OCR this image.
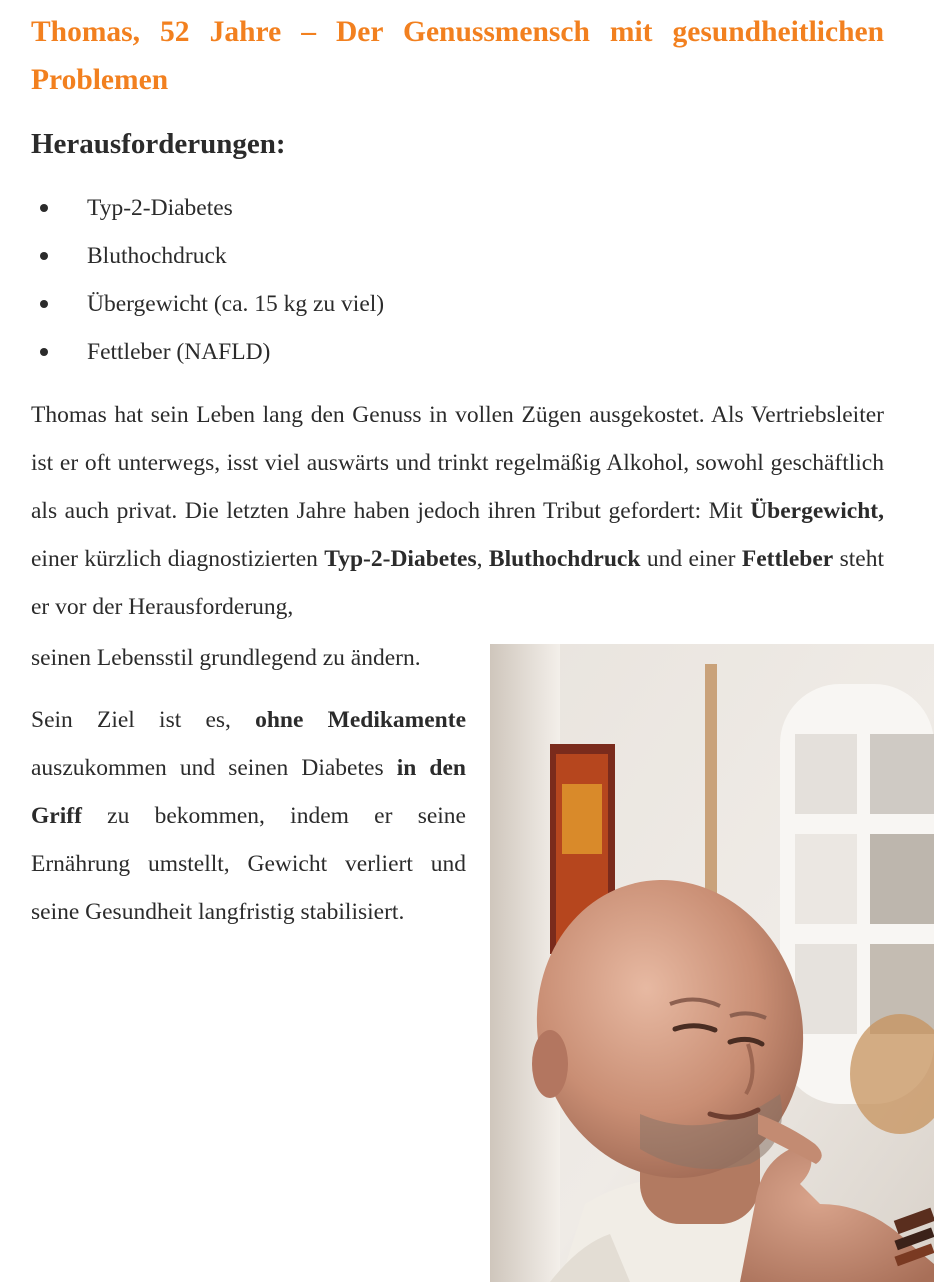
Thomas, 52 Jahre – Der Genussmensch mit gesundheitlichen Problemen
Herausforderungen:
Typ-2-Diabetes
Bluthochdruck
Übergewicht (ca. 15 kg zu viel)
Fettleber (NAFLD)

Thomas hat sein Leben lang den Genuss in vollen Zügen ausgekostet. Als Vertriebsleiter ist er oft unterwegs, isst viel auswärts und trinkt regelmäßig Alkohol, sowohl geschäftlich als auch privat. Die letzten Jahre haben jedoch ihren Tribut gefordert: Mit Übergewicht, einer kürzlich diagnostizierten Typ-2-Diabetes, Bluthochdruck und einer Fettleber steht er vor der Herausforderung,

seinen Lebensstil grundlegend zu ändern.

Sein Ziel ist es, ohne Medikamente auszukommen und seinen Diabetes in den Griff zu bekommen, indem er seine Ernährung umstellt, Gewicht verliert und seine Gesundheit langfristig stabilisiert.
